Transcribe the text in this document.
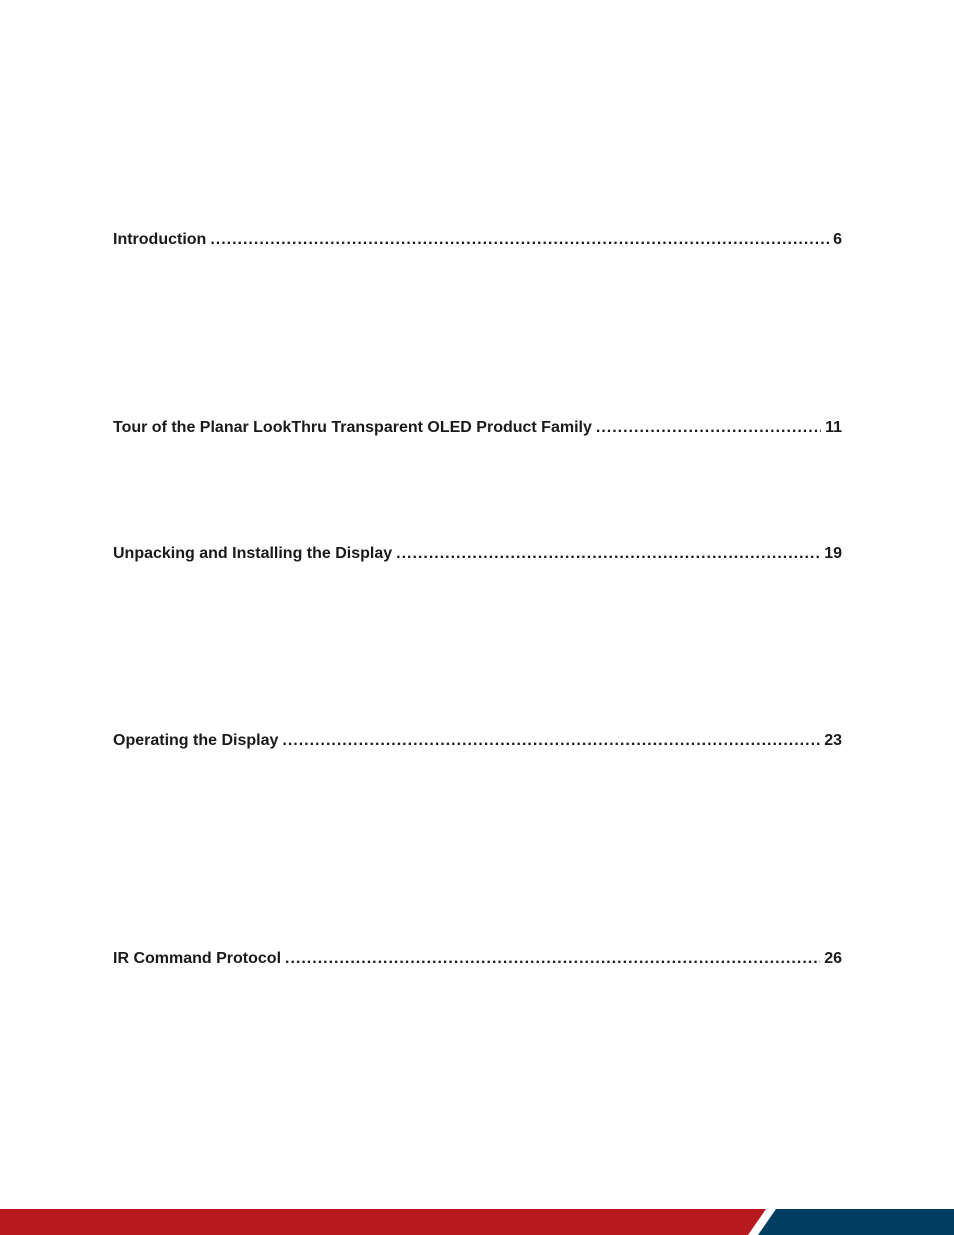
Introduction .....	6
Tour of the Planar LookThru Transparent OLED Product Family .....	11
Unpacking and Installing the Display .....	19
Operating the Display .....	23
IR Command Protocol .....	26
